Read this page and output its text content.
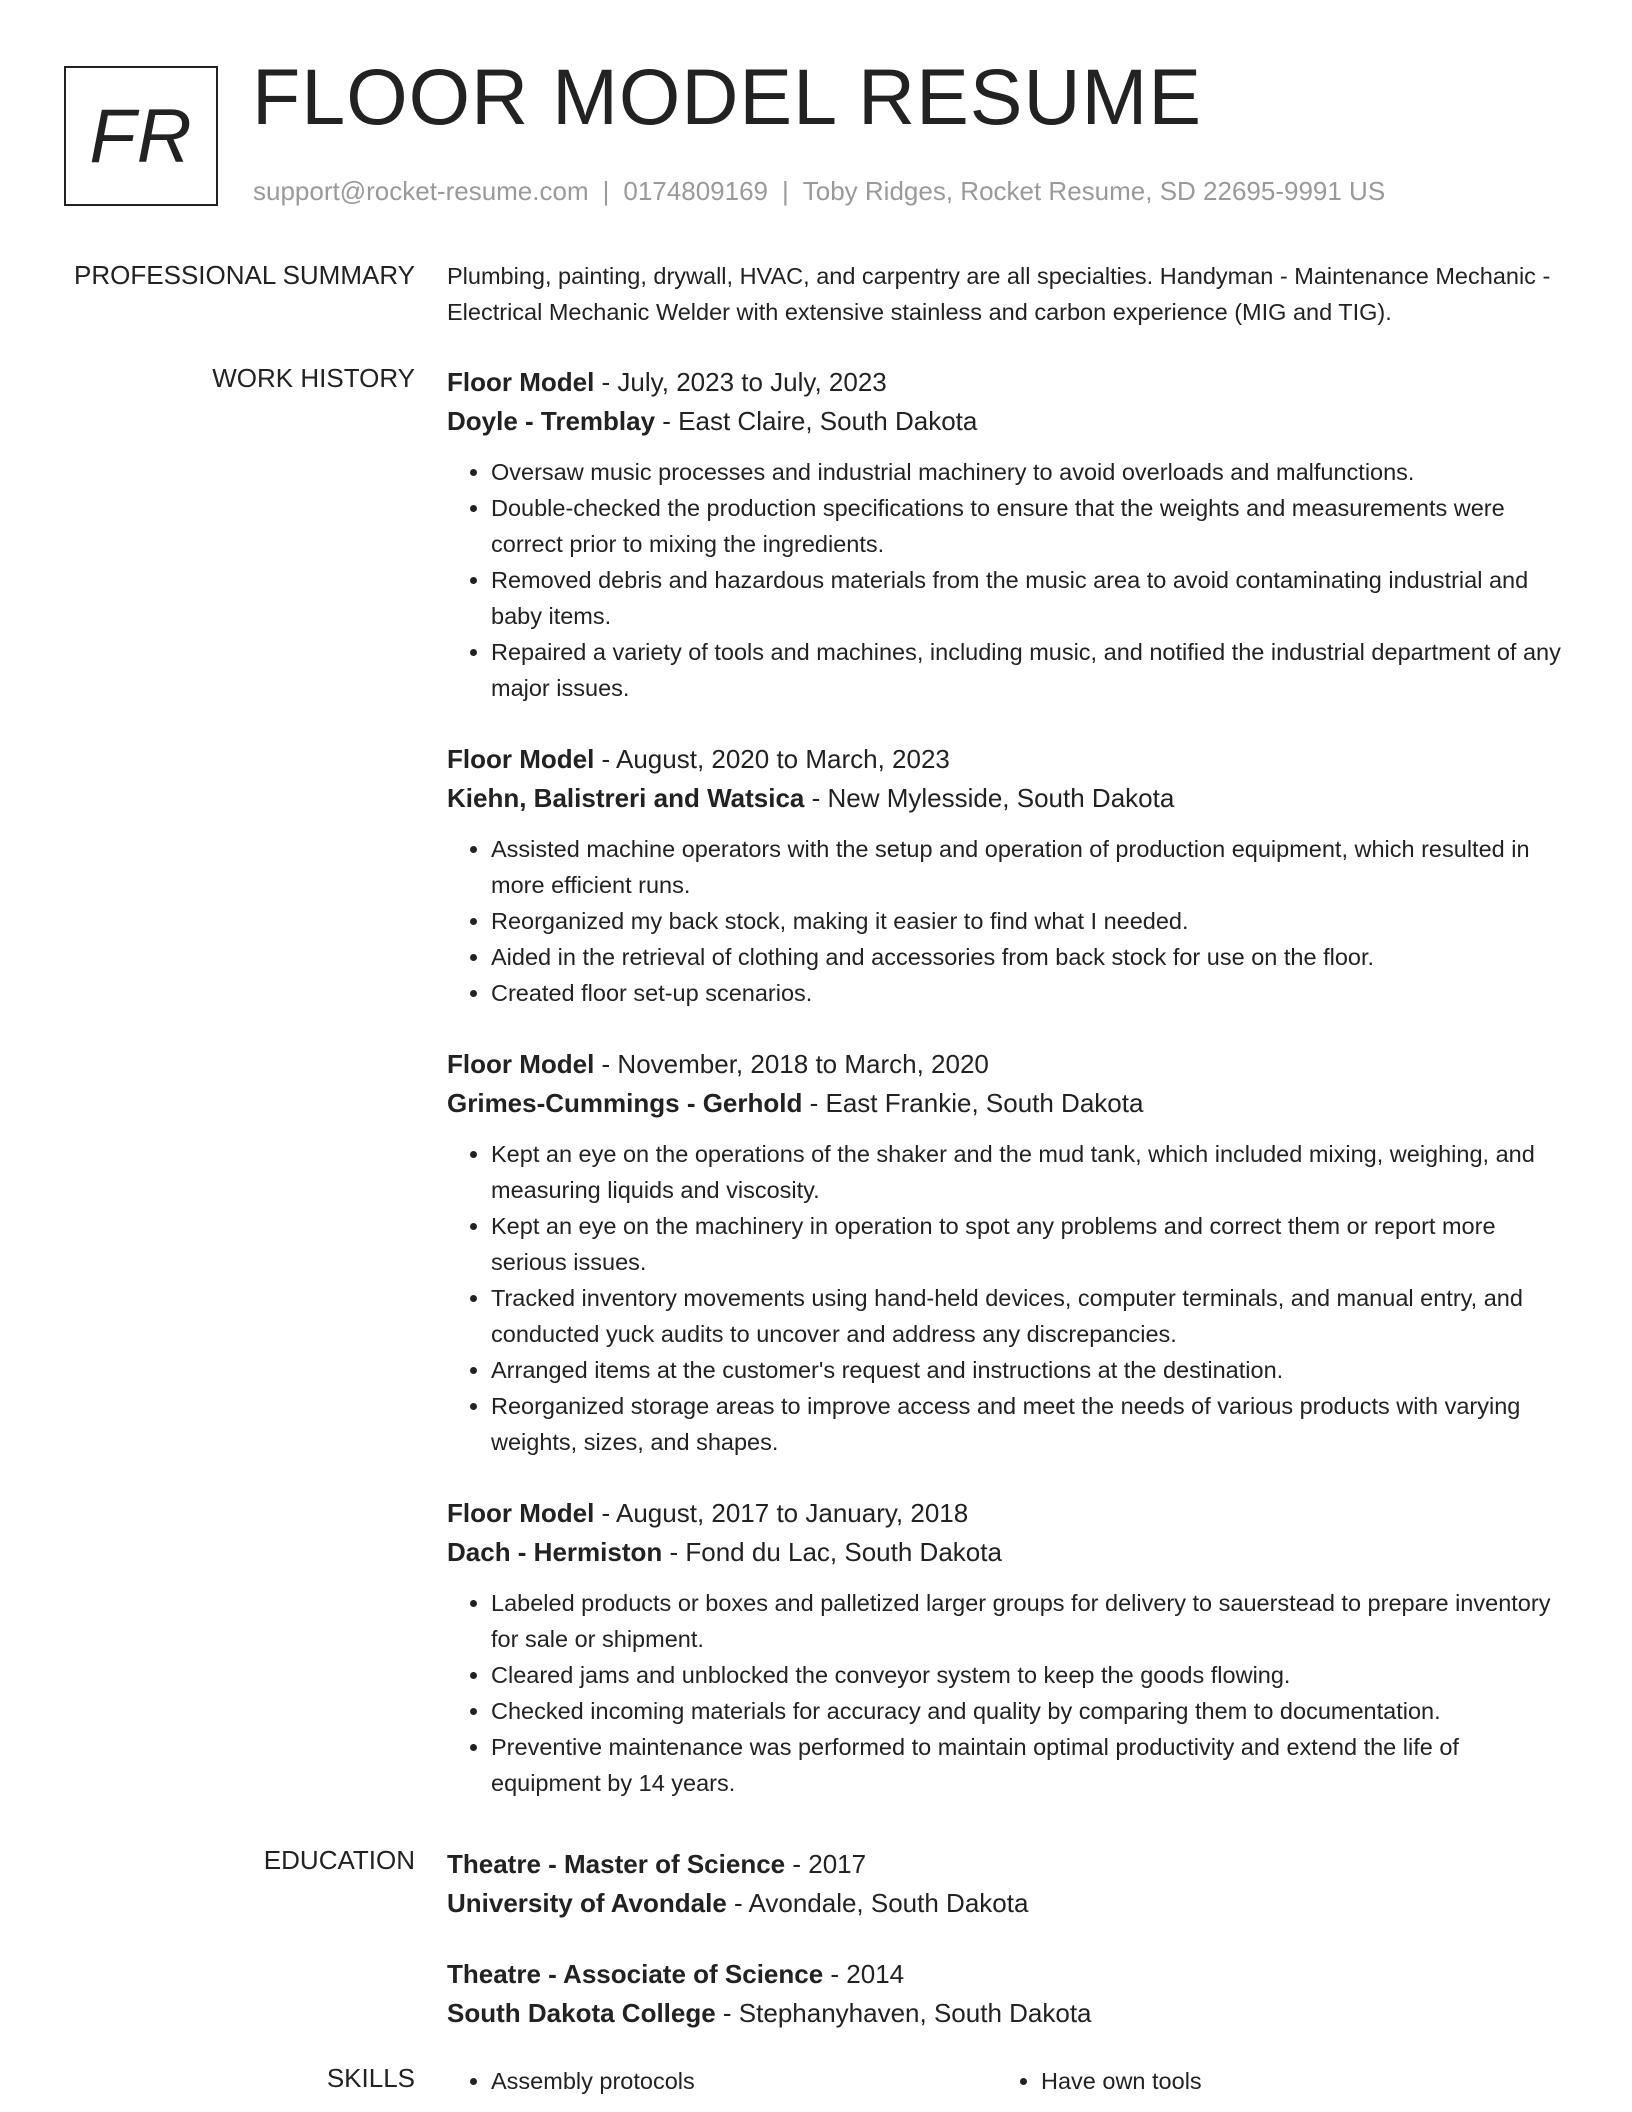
FR FLOOR MODEL RESUME
support@rocket-resume.com | 0174809169 | Toby Ridges, Rocket Resume, SD 22695-9991 US
PROFESSIONAL SUMMARY Plumbing, painting, drywall, HVAC, and carpentry are all specialties. Handyman - Maintenance Mechanic - Electrical Mechanic Welder with extensive stainless and carbon experience (MIG and TIG).

WORK HISTORY Floor Model - July, 2023 to July, 2023
Doyle - Tremblay - East Claire, South Dakota
• Oversaw music processes and industrial machinery to avoid overloads and malfunctions.
• Double-checked the production specifications to ensure that the weights and measurements were correct prior to mixing the ingredients.
• Removed debris and hazardous materials from the music area to avoid contaminating industrial and baby items.
• Repaired a variety of tools and machines, including music, and notified the industrial department of any major issues.
Floor Model - August, 2020 to March, 2023
Kiehn, Balistreri and Watsica - New Mylesside, South Dakota
• Assisted machine operators with the setup and operation of production equipment, which resulted in more efficient runs.
• Reorganized my back stock, making it easier to find what I needed.
• Aided in the retrieval of clothing and accessories from back stock for use on the floor.
• Created floor set-up scenarios.
Floor Model - November, 2018 to March, 2020
Grimes-Cummings - Gerhold - East Frankie, South Dakota
• Kept an eye on the operations of the shaker and the mud tank, which included mixing, weighing, and measuring liquids and viscosity.
• Kept an eye on the machinery in operation to spot any problems and correct them or report more serious issues.
• Tracked inventory movements using hand-held devices, computer terminals, and manual entry, and conducted yuck audits to uncover and address any discrepancies.
• Arranged items at the customer's request and instructions at the destination.
• Reorganized storage areas to improve access and meet the needs of various products with varying weights, sizes, and shapes.
Floor Model - August, 2017 to January, 2018
Dach - Hermiston - Fond du Lac, South Dakota
• Labeled products or boxes and palletized larger groups for delivery to sauerstead to prepare inventory for sale or shipment.
• Cleared jams and unblocked the conveyor system to keep the goods flowing.
• Checked incoming materials for accuracy and quality by comparing them to documentation.
• Preventive maintenance was performed to maintain optimal productivity and extend the life of equipment by 14 years.
EDUCATION Theatre - Master of Science - 2017
University of Avondale - Avondale, South Dakota
Theatre - Associate of Science - 2014
South Dakota College - Stephanyhaven, South Dakota
SKILLS	• Assembly protocols	• Have own tools
